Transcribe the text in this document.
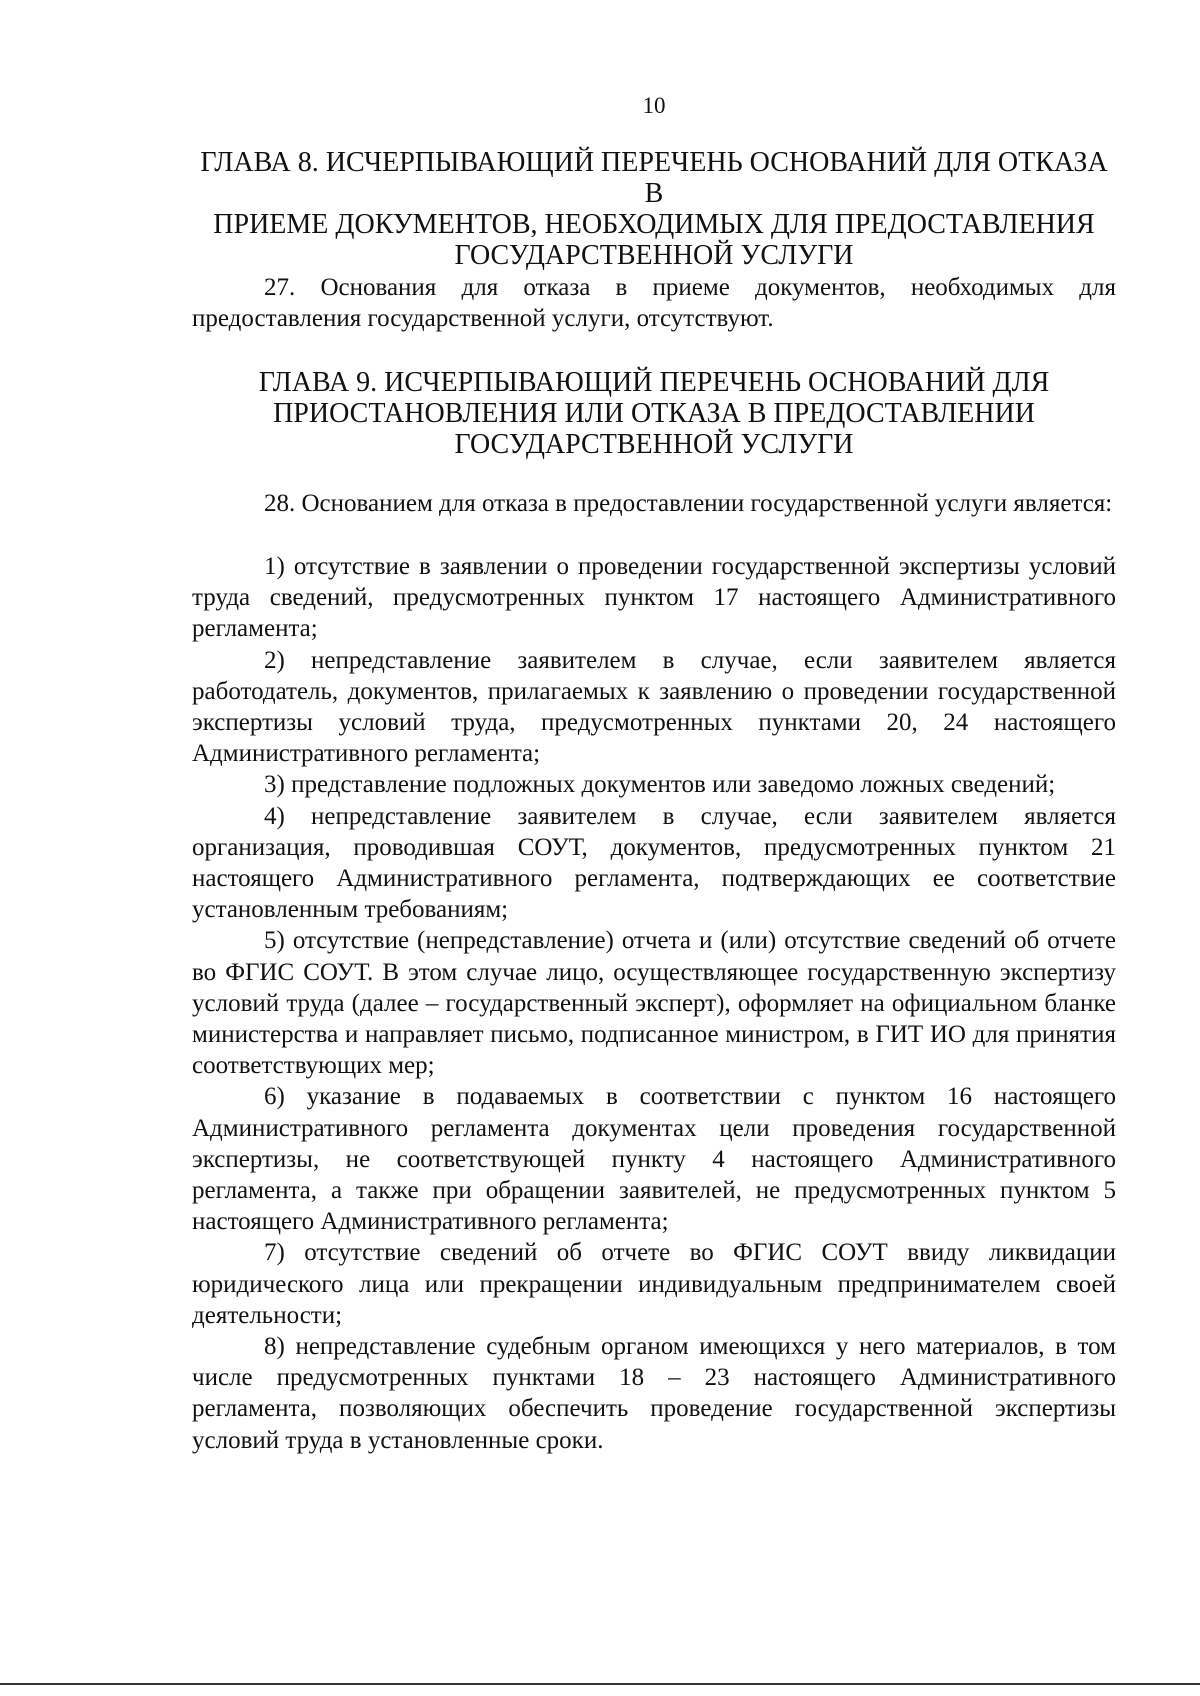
10
ГЛАВА 8. ИСЧЕРПЫВАЮЩИЙ ПЕРЕЧЕНЬ ОСНОВАНИЙ ДЛЯ ОТКАЗА В
ПРИЕМЕ ДОКУМЕНТОВ, НЕОБХОДИМЫХ ДЛЯ ПРЕДОСТАВЛЕНИЯ
ГОСУДАРСТВЕННОЙ УСЛУГИ

27. Основания для отказа в приеме документов, необходимых для предоставления государственной услуги, отсутствуют.

ГЛАВА 9. ИСЧЕРПЫВАЮЩИЙ ПЕРЕЧЕНЬ ОСНОВАНИЙ ДЛЯ
ПРИОСТАНОВЛЕНИЯ ИЛИ ОТКАЗА В ПРЕДОСТАВЛЕНИИ
ГОСУДАРСТВЕННОЙ УСЛУГИ

28. Основанием для отказа в предоставлении государственной услуги является:

1) отсутствие в заявлении о проведении государственной экспертизы условий труда сведений, предусмотренных пунктом 17 настоящего Административного регламента;

2) непредставление заявителем в случае, если заявителем является работодатель, документов, прилагаемых к заявлению о проведении государственной экспертизы условий труда, предусмотренных пунктами 20, 24 настоящего Административного регламента;

3) представление подложных документов или заведомо ложных сведений;

4) непредставление заявителем в случае, если заявителем является организация, проводившая СОУТ, документов, предусмотренных пунктом 21 настоящего Административного регламента, подтверждающих ее соответствие установленным требованиям;

5) отсутствие (непредставление) отчета и (или) отсутствие сведений об отчете во ФГИС СОУТ. В этом случае лицо, осуществляющее государственную экспертизу условий труда (далее – государственный эксперт), оформляет на официальном бланке министерства и направляет письмо, подписанное министром, в ГИТ ИО для принятия соответствующих мер;

6) указание в подаваемых в соответствии с пунктом 16 настоящего Административного регламента документах цели проведения государственной экспертизы, не соответствующей пункту 4 настоящего Административного регламента, а также при обращении заявителей, не предусмотренных пунктом 5 настоящего Административного регламента;

7) отсутствие сведений об отчете во ФГИС СОУТ ввиду ликвидации юридического лица или прекращении индивидуальным предпринимателем своей деятельности;

8) непредставление судебным органом имеющихся у него материалов, в том числе предусмотренных пунктами 18 – 23 настоящего Административного регламента, позволяющих обеспечить проведение государственной экспертизы условий труда в установленные сроки.
